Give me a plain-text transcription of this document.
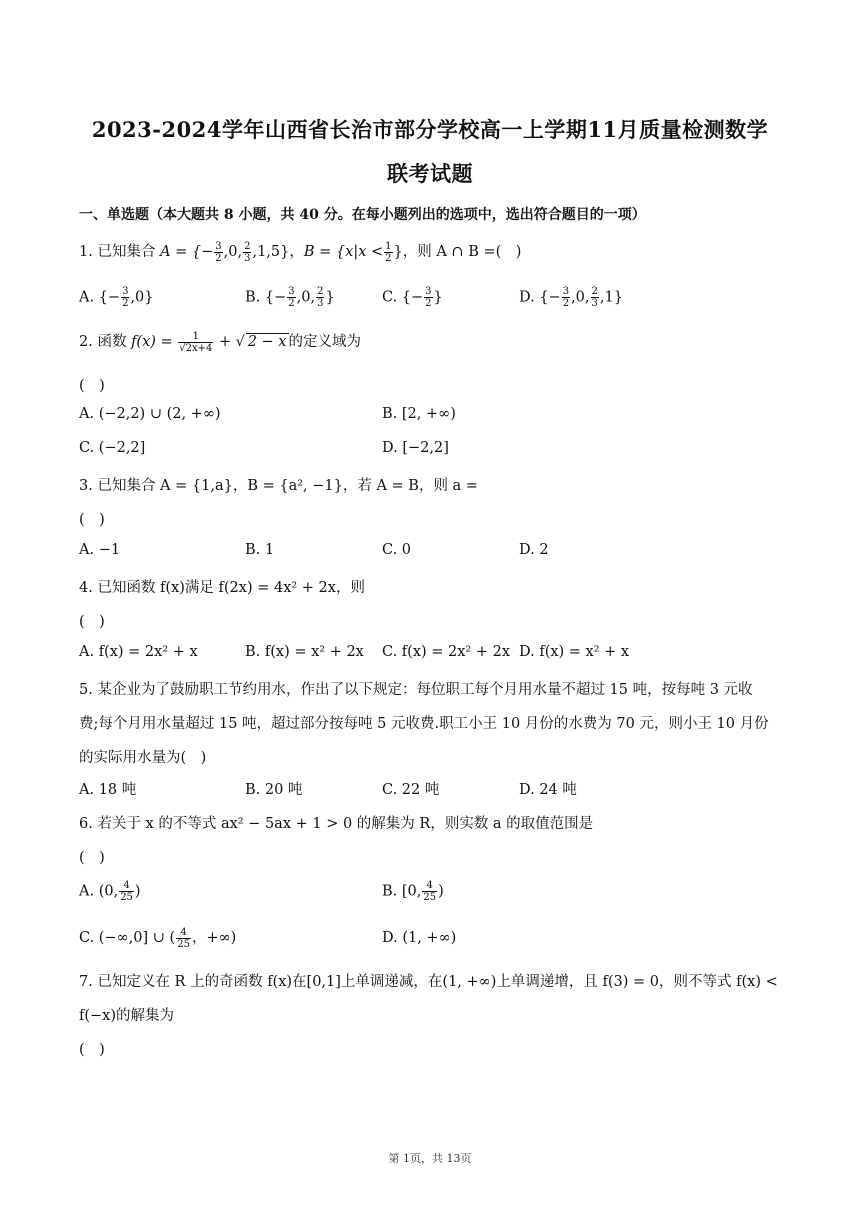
2023-2024学年山西省长治市部分学校高一上学期11月质量检测数学
联考试题
一、单选题（本大题共 8 小题，共 40 分。在每小题列出的选项中，选出符合题目的一项）
1. 已知集合 A = {− $\frac{3}{2} ,0$, $\frac{2}{3} ,1,5$}，$B = \{x|x < \frac{1}{2}$ }，则 A ∩ B =(　)
A. {− $\frac{3}{2} ,0$}	B. {− $\frac{3}{2} ,0$, $\frac{2}{3}$ }	C. {− $\frac{3}{2}$ }	D. {− $\frac{3}{2} ,0$, $\frac{2}{3} ,1$}
2. 函数 $f(x) = \frac{1}{√2x+4}$ + √ 2 − x 的定义域为
(　)
A. (−2,2) ∪ (2, +∞)	B. [2, +∞)
C. (−2,2]	D. [−2,2]
3. 已知集合 A = {1,a}，B = {a², −1}，若 A = B，则 a =
(　)
A. −1	B. 1	C. 0	D. 2
4. 已知函数 f(x)满足 f(2x) = 4x² + 2x，则
(　)
A. f(x) = 2x² + x	B. f(x) = x² + 2x C. f(x) = 2x² + 2x D. f(x) = x² + x
5. 某企业为了鼓励职工节约用水，作出了以下规定：每位职工每个月用水量不超过 15 吨，按每吨 3 元收
费;每个月用水量超过 15 吨，超过部分按每吨 5 元收费.职工小王 10 月份的水费为 70 元，则小王 10 月份
的实际用水量为(　)
A. 18 吨	B. 20 吨	C. 22 吨	D. 24 吨
6. 若关于 x 的不等式 ax² − 5ax + 1 > 0 的解集为 R，则实数 a 的取值范围是
(　)
A. (0, $\frac{4}{25}$ )	B. [0, $\frac{4}{25}$ )
C. (−∞,0] ∪ ( $\frac{4}{25}$ ，+∞)	D. (1, +∞)
7. 已知定义在 R 上的奇函数 f(x)在[0,1]上单调递减，在(1, +∞)上单调递增，且 f(3) = 0，则不等式 f(x) <
f(−x)的解集为
(　)
第 1页，共 13页
